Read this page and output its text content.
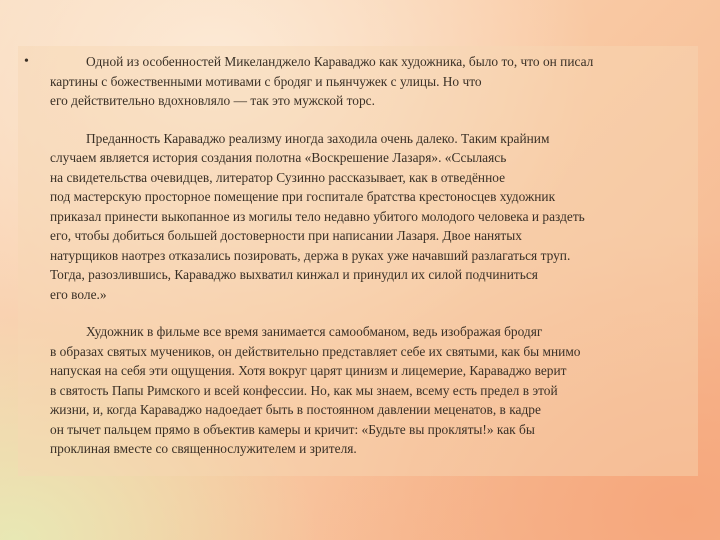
•	Одной из особенностей Микеланджело Караваджо как художника, было то, что он писал
картины с божественными мотивами с бродяг и пьянчужек с улицы. Но что
его действительно вдохновляло — так это мужской торс.

Преданность Караваджо реализму иногда заходила очень далеко. Таким крайним
случаем является история создания полотна «Воскрешение Лазаря». «Ссылаясь
на свидетельства очевидцев, литератор Сузинно рассказывает, как в отведённое
под мастерскую просторное помещение при госпитале братства крестоносцев художник
приказал принести выкопанное из могилы тело недавно убитого молодого человека и раздеть
его, чтобы добиться большей достоверности при написании Лазаря. Двое нанятых
натурщиков наотрез отказались позировать, держа в руках уже начавший разлагаться труп.
Тогда, разозлившись, Караваджо выхватил кинжал и принудил их силой подчиниться
его воле.»

Художник в фильме все время занимается самообманом, ведь изображая бродяг
в образах святых мучеников, он действительно представляет себе их святыми, как бы мнимо
напуская на себя эти ощущения. Хотя вокруг царят цинизм и лицемерие, Караваджо верит
в святость Папы Римского и всей конфессии. Но, как мы знаем, всему есть предел в этой
жизни, и, когда Караваджо надоедает быть в постоянном давлении меценатов, в кадре
он тычет пальцем прямо в объектив камеры и кричит: «Будьте вы прокляты!» как бы
проклиная вместе со священнослужителем и зрителя.
